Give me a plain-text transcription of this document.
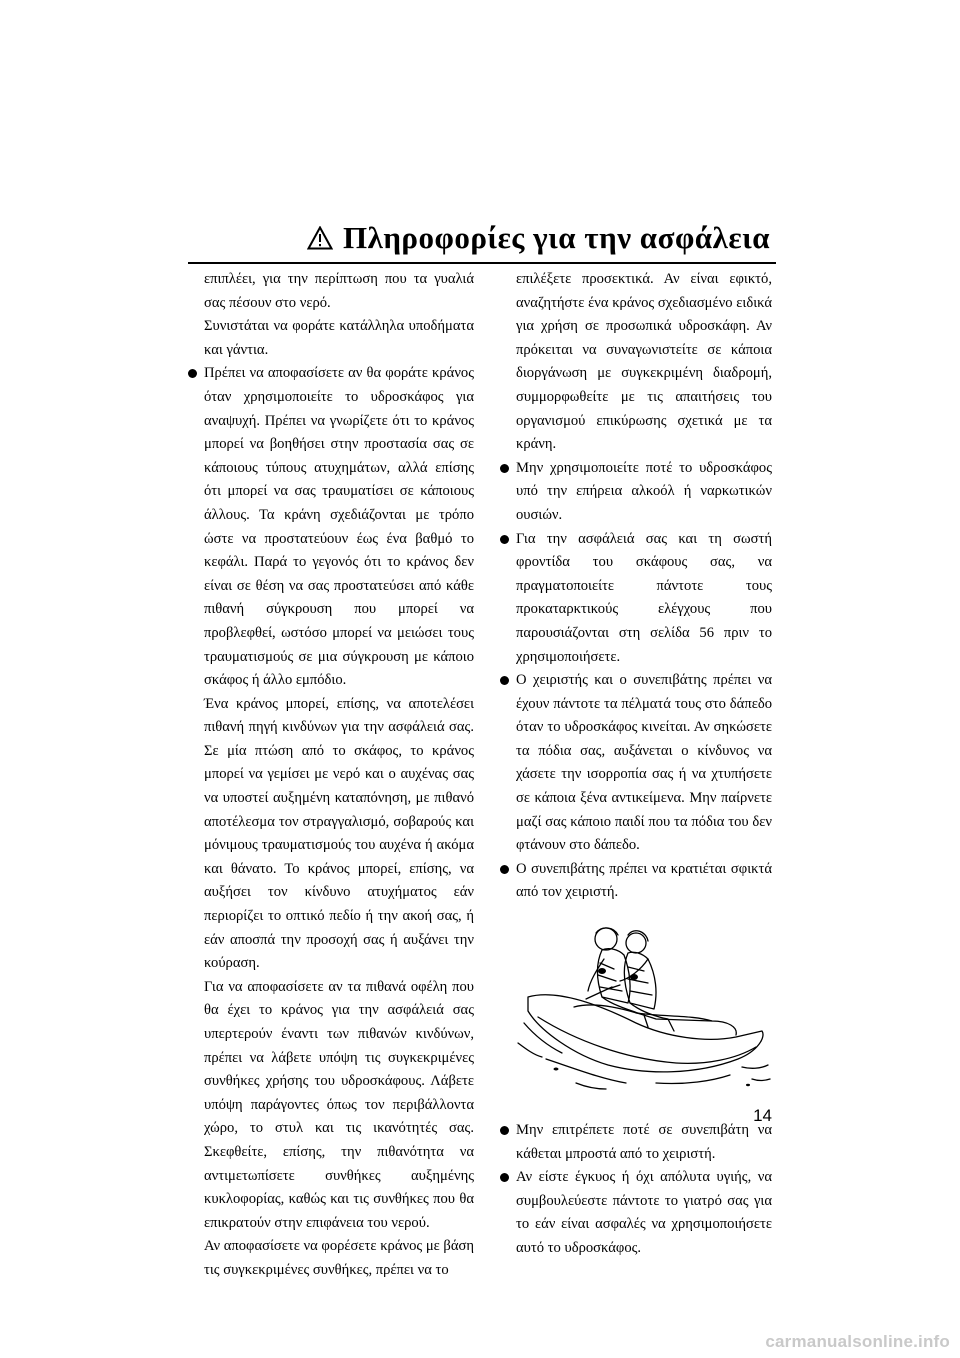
Πληροφορίες για την ασφάλεια

επιπλέει, για την περίπτωση που τα γυαλιά σας πέσουν στο νερό.

Συνιστάται να φοράτε κατάλληλα υποδήματα και γάντια.

Πρέπει να αποφασίσετε αν θα φοράτε κράνος όταν χρησιμοποιείτε το υδροσκάφος για αναψυχή. Πρέπει να γνωρίζετε ότι το κράνος μπορεί να βοηθήσει στην προστασία σας σε κάποιους τύπους ατυχημάτων, αλλά επίσης ότι μπορεί να σας τραυματίσει σε κάποιους άλλους. Τα κράνη σχεδιάζονται με τρόπο ώστε να προστατεύουν έως ένα βαθμό το κεφάλι. Παρά το γεγονός ότι το κράνος δεν είναι σε θέση να σας προστατεύσει από κάθε πιθανή σύγκρουση που μπορεί να προβλεφθεί, ωστόσο μπορεί να μειώσει τους τραυματισμούς σε μια σύγκρουση με κάποιο σκάφος ή άλλο εμπόδιο.

Ένα κράνος μπορεί, επίσης, να αποτελέσει πιθανή πηγή κινδύνων για την ασφάλειά σας. Σε μία πτώση από το σκάφος, το κράνος μπορεί να γεμίσει με νερό και ο αυχένας σας να υποστεί αυξημένη καταπόνηση, με πιθανό αποτέλεσμα τον στραγγαλισμό, σοβαρούς και μόνιμους τραυματισμούς του αυχένα ή ακόμα και θάνατο. Το κράνος μπορεί, επίσης, να αυξήσει τον κίνδυνο ατυχήματος εάν περιορίζει το οπτικό πεδίο ή την ακοή σας, ή εάν αποσπά την προσοχή σας ή αυξάνει την κούραση.

Για να αποφασίσετε αν τα πιθανά οφέλη που θα έχει το κράνος για την ασφάλειά σας υπερτερούν έναντι των πιθανών κινδύνων, πρέπει να λάβετε υπόψη τις συγκεκριμένες συνθήκες χρήσης του υδροσκάφους. Λάβετε υπόψη παράγοντες όπως τον περιβάλλοντα χώρο, το στυλ και τις ικανότητές σας. Σκεφθείτε, επίσης, την πιθανότητα να αντιμετωπίσετε συνθήκες αυξημένης κυκλοφορίας, καθώς και τις συνθήκες που θα επικρατούν στην επιφάνεια του νερού.

Αν αποφασίσετε να φορέσετε κράνος με βάση τις συγκεκριμένες συνθήκες, πρέπει να το

επιλέξετε προσεκτικά. Αν είναι εφικτό, αναζητήστε ένα κράνος σχεδιασμένο ειδικά για χρήση σε προσωπικά υδροσκάφη. Αν πρόκειται να συναγωνιστείτε σε κάποια διοργάνωση με συγκεκριμένη διαδρομή, συμμορφωθείτε με τις απαιτήσεις του οργανισμού επικύρωσης σχετικά με τα κράνη.

Μην χρησιμοποιείτε ποτέ το υδροσκάφος υπό την επήρεια αλκοόλ ή ναρκωτικών ουσιών.
Για την ασφάλειά σας και τη σωστή φροντίδα του σκάφους σας, να πραγματοποιείτε πάντοτε τους προκαταρκτικούς ελέγχους που παρουσιάζονται στη σελίδα 56 πριν το χρησιμοποιήσετε.
Ο χειριστής και ο συνεπιβάτης πρέπει να έχουν πάντοτε τα πέλματά τους στο δάπεδο όταν το υδροσκάφος κινείται. Αν σηκώσετε τα πόδια σας, αυξάνεται ο κίνδυνος να χάσετε την ισορροπία σας ή να χτυπήσετε σε κάποια ξένα αντικείμενα. Μην παίρνετε μαζί σας κάποιο παιδί που τα πόδια του δεν φτάνουν στο δάπεδο.
Ο συνεπιβάτης πρέπει να κρατιέται σφικτά από τον χειριστή.
Μην επιτρέπετε ποτέ σε συνεπιβάτη να κάθεται μπροστά από το χειριστή.
Αν είστε έγκυος ή όχι απόλυτα υγιής, να συμβουλεύεστε πάντοτε το γιατρό σας για το εάν είναι ασφαλές να χρησιμοποιήσετε αυτό το υδροσκάφος.
14
carmanualsonline.info
